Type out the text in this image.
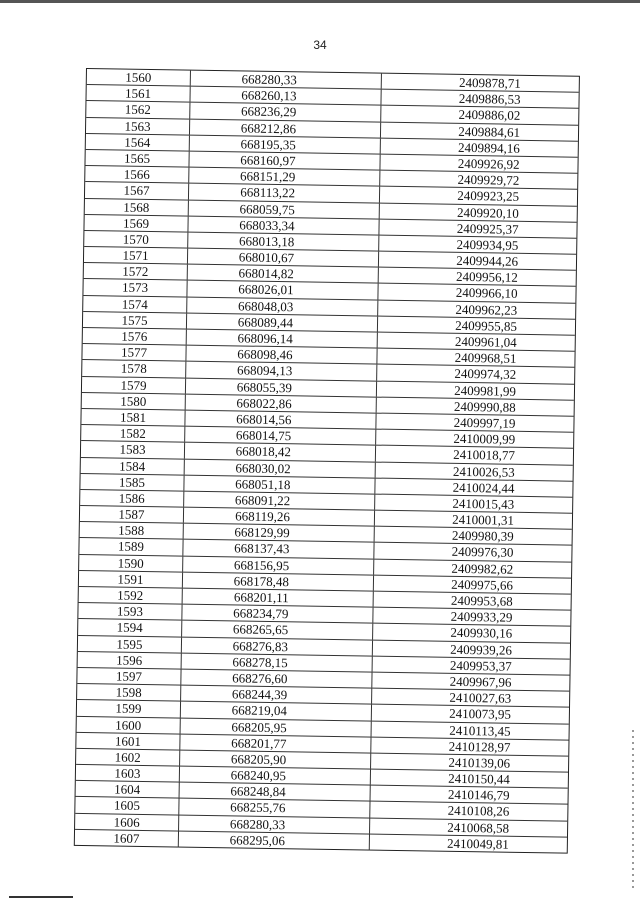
34
1560	668280,33	2409878,71
1561	668260,13	2409886,53
1562	668236,29	2409886,02
1563	668212,86	2409884,61
1564	668195,35	2409894,16
1565	668160,97	2409926,92
1566	668151,29	2409929,72
1567	668113,22	2409923,25
1568	668059,75	2409920,10
1569	668033,34	2409925,37
1570	668013,18	2409934,95
1571	668010,67	2409944,26
1572	668014,82	2409956,12
1573	668026,01	2409966,10
1574	668048,03	2409962,23
1575	668089,44	2409955,85
1576	668096,14	2409961,04
1577	668098,46	2409968,51
1578	668094,13	2409974,32
1579	668055,39	2409981,99
1580	668022,86	2409990,88
1581	668014,56	2409997,19
1582	668014,75	2410009,99
1583	668018,42	2410018,77
1584	668030,02	2410026,53
1585	668051,18	2410024,44
1586	668091,22	2410015,43
1587	668119,26	2410001,31
1588	668129,99	2409980,39
1589	668137,43	2409976,30
1590	668156,95	2409982,62
1591	668178,48	2409975,66
1592	668201,11	2409953,68
1593	668234,79	2409933,29
1594	668265,65	2409930,16
1595	668276,83	2409939,26
1596	668278,15	2409953,37
1597	668276,60	2409967,96
1598	668244,39	2410027,63
1599	668219,04	2410073,95
1600	668205,95	2410113,45
1601	668201,77	2410128,97
1602	668205,90	2410139,06
1603	668240,95	2410150,44
1604	668248,84	2410146,79
1605	668255,76	2410108,26
1606	668280,33	2410068,58
1607	668295,06	2410049,81
